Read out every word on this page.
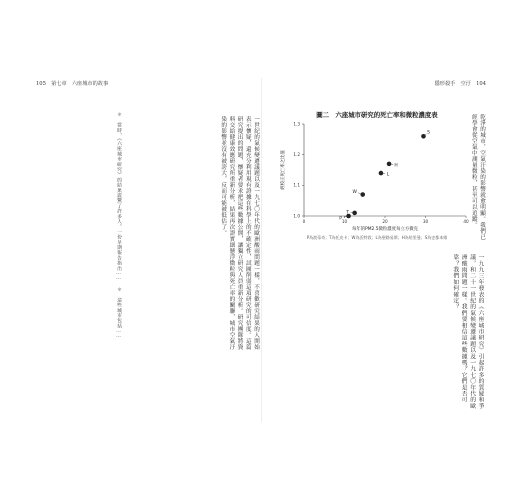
105　第七章　六座城市的故事
一世紀的氣候變遷議題以及一九七〇年代的歐洲酸雨問題一樣，不喜歡研究結果的人開始表示懷疑，還充分利用現有證據在科學上的不確定性，試圖削弱這項研究的可信度。這篇研究提出的問題，懷疑者要求把這些數據公開，讓獨立研究人員重新分析。研究團隊將資料交給健康效應研究所重新分析，結果再次證實細懸浮微粒與死亡率的關聯，城市空氣汙染的影響並沒有被誇大，反而可能被低估了。
＊　當時，《六座城市研究》的結果震驚了許多人。一份早期報告指出……　＊　這些城市包括……
隱形殺手　空汙　104
圖二　六座城市研究的死亡率和微粒濃度表
0	10	20	30	40
1.0
1.1
1.2
1.3
每年的PM2.5微粒濃度每立方微克
經校正死亡率之比值
P
T
W
L
H
S
P為波蒂奇；T為托皮卡；W為沃特敦；L為聖路易斯；H為哈里曼；S為史都本維	乾淨的城市，空氣汙染的影響就愈明顯。我們已經學會從空氣中測量微粒，甚至可以追蹤。
一九九三年發表的《六座城市研究》引起許多的質疑和爭議，和二十一世紀的氣候變遷議題以及一九七〇年代的歐洲酸雨問題一樣。我們要相信這些數據嗎？它們是否可靠？我們如何確定？
